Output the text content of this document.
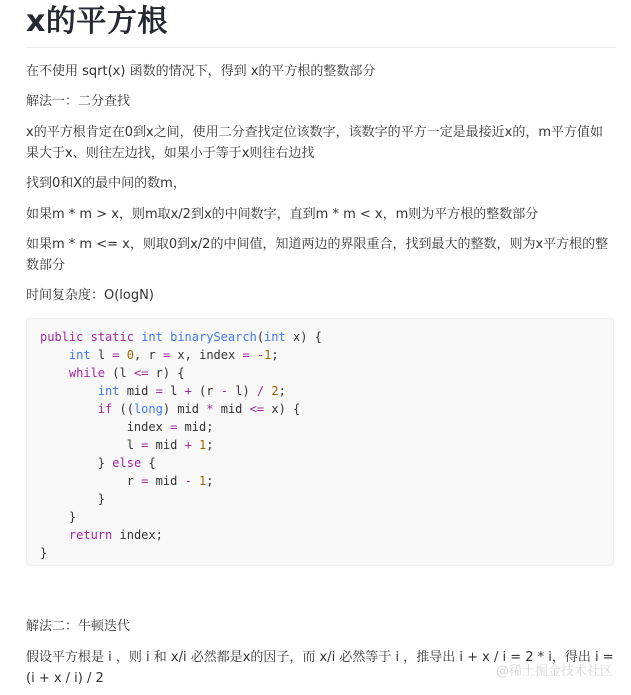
x的平方根

在不使用 sqrt(x) 函数的情况下，得到 x的平方根的整数部分

解法一：二分查找

x的平方根肯定在0到x之间，使用二分查找定位该数字，该数字的平方一定是最接近x的，m平方值如果大于x、则往左边找，如果小于等于x则往右边找

找到0和X的最中间的数m，

如果m * m > x，则m取x/2到x的中间数字，直到m * m < x，m则为平方根的整数部分

如果m * m <= x，则取0到x/2的中间值，知道两边的界限重合，找到最大的整数，则为x平方根的整数部分

时间复杂度：O(logN)

public static int binarySearch(int x) {
int l = 0, r = x, index = -1;
while (l <= r) {
int mid = l + (r - l) / 2;
if ((long) mid * mid <= x) {
index = mid;
l = mid + 1;
} else {
r = mid - 1;
}
}
return index;
}

解法二：牛顿迭代

假设平方根是 i ，则 i 和 x/i 必然都是x的因子，而 x/i 必然等于 i ，推导出 i + x / i = 2 * i，得出 i = (i + x / i) / 2	@稀土掘金技术社区
